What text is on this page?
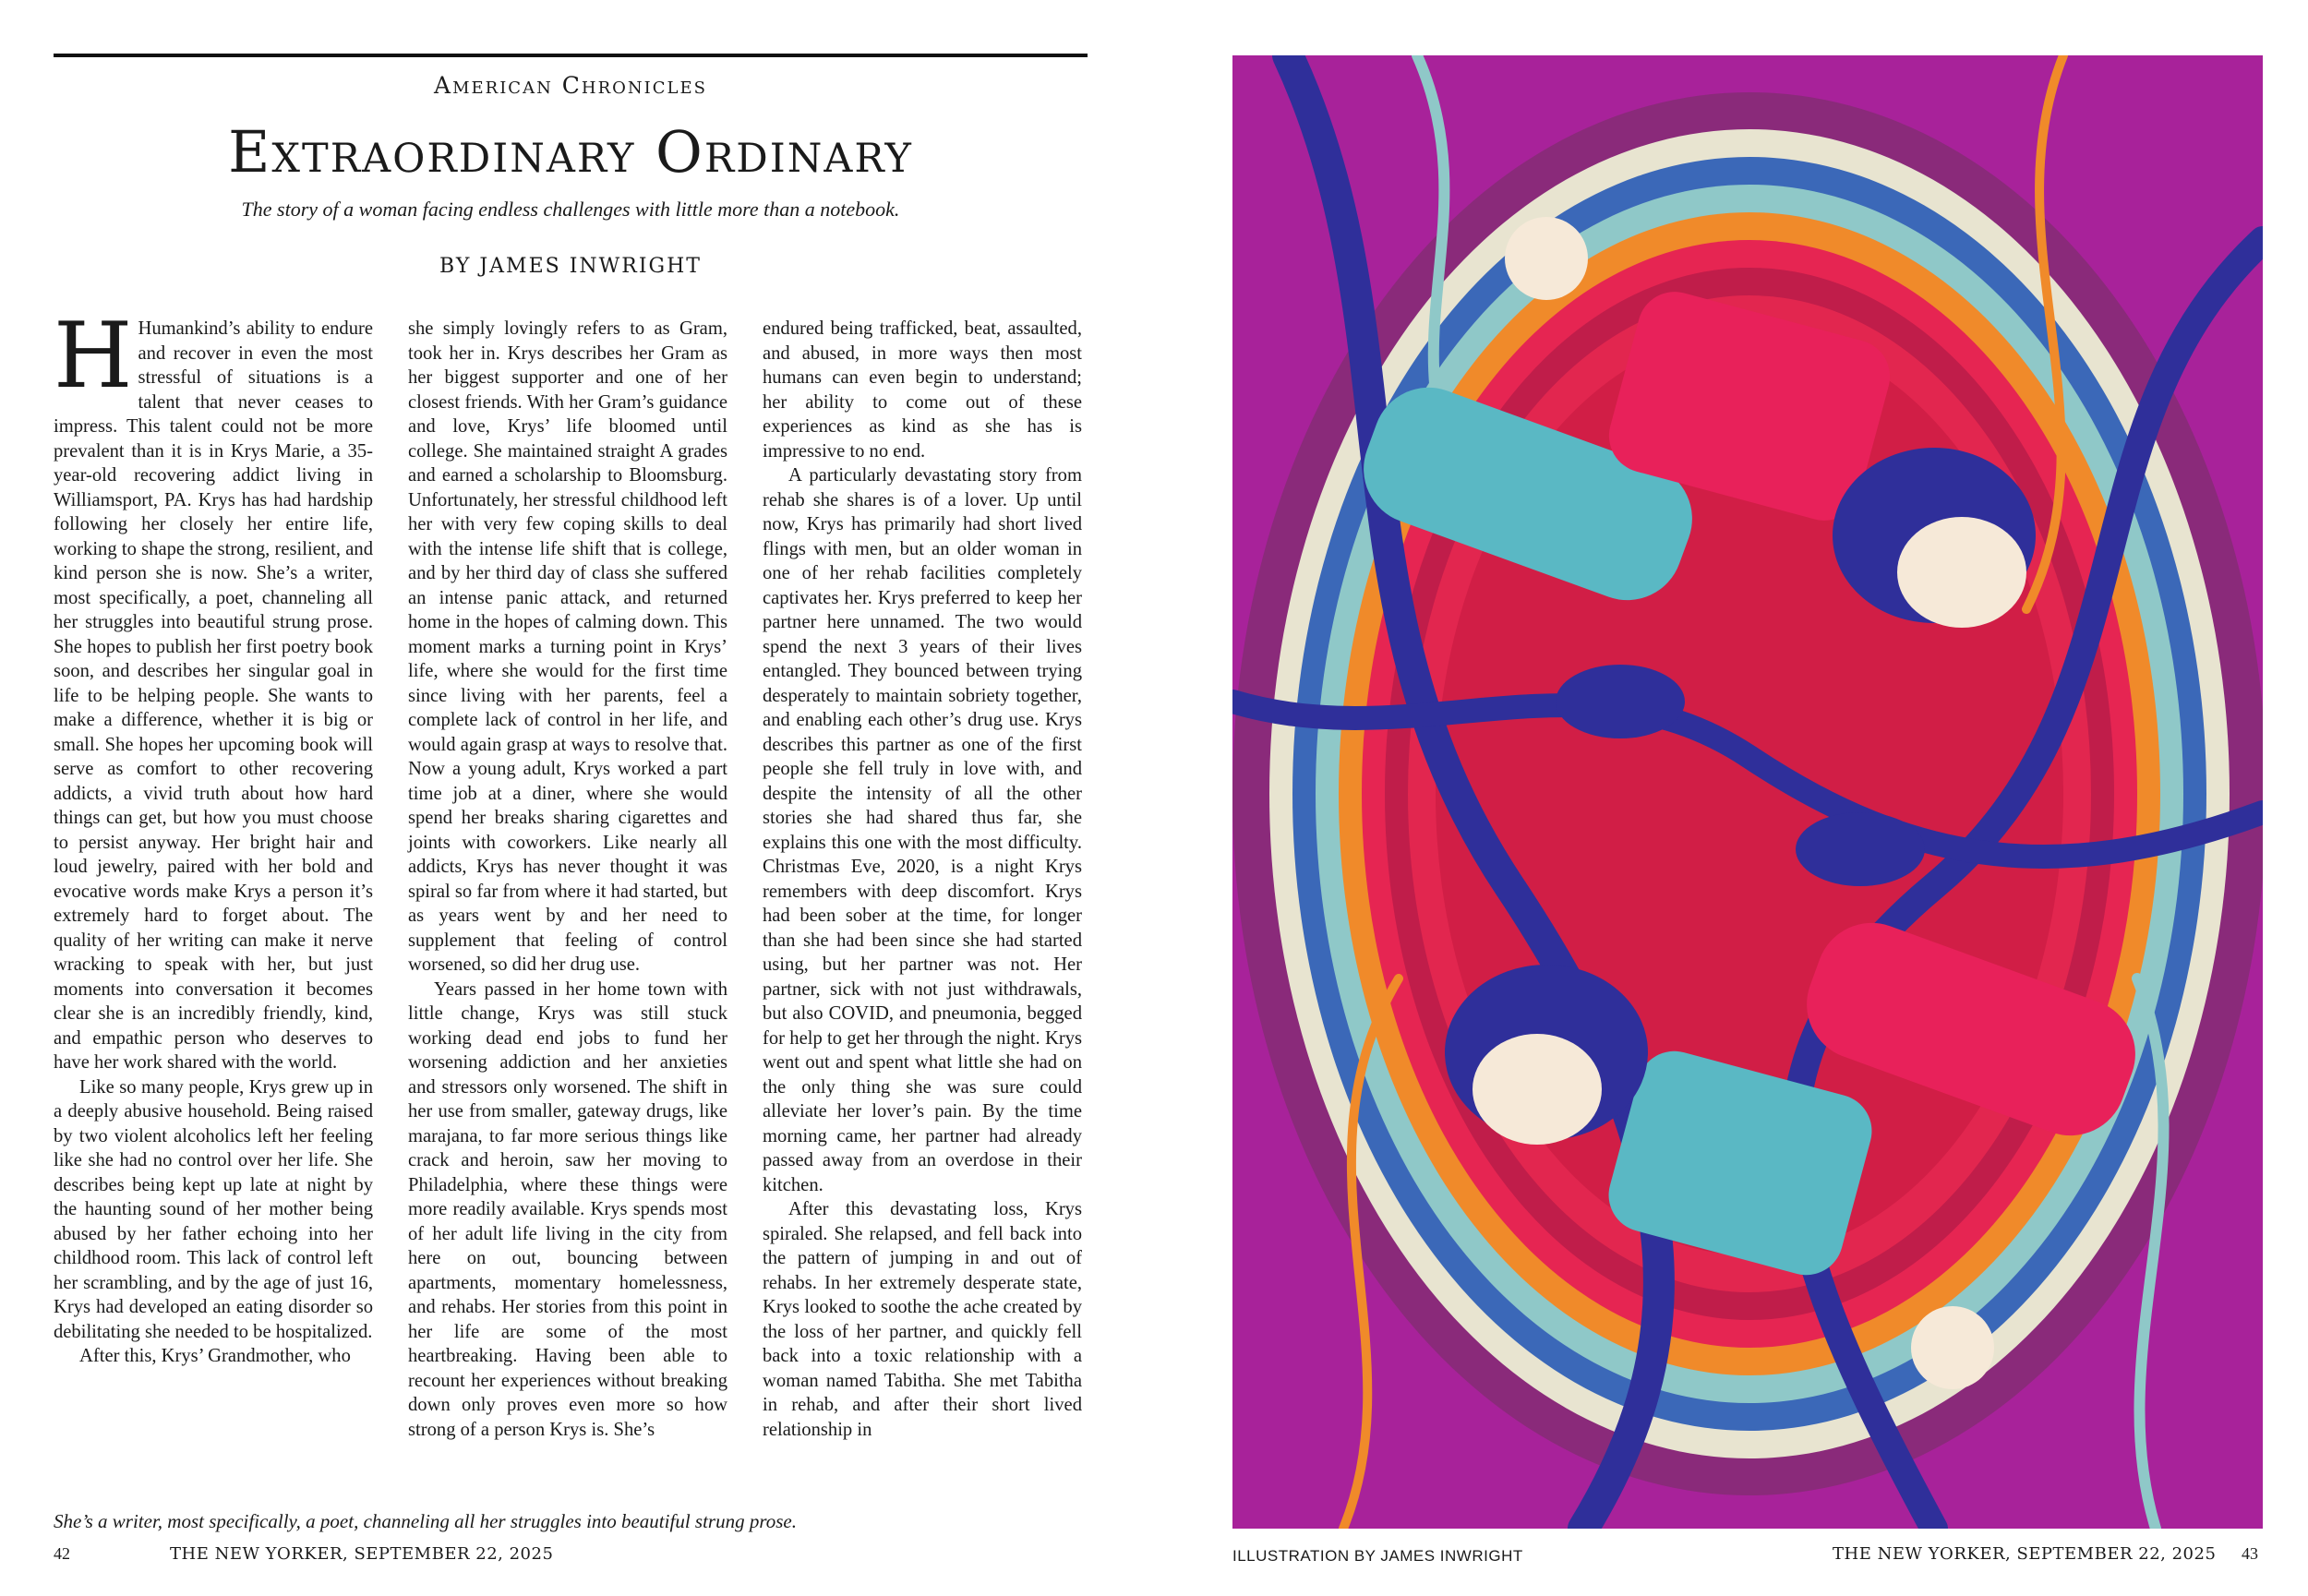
American Chronicles
Extraordinary Ordinary
The story of a woman facing endless challenges with little more than a notebook.
BY JAMES INWRIGHT

H Humankind’s ability to endure and recover in even the most stressful of situations is a talent that never ceases to impress. This talent could not be more prevalent than it is in Krys Marie, a 35-year-old recovering addict living in Williamsport, PA. Krys has had hardship following her closely her entire life, working to shape the strong, resilient, and kind person she is now. She’s a writer, most specifically, a poet, channeling all her struggles into beautiful strung prose. She hopes to publish her first poetry book soon, and describes her singular goal in life to be helping people. She wants to make a difference, whether it is big or small. She hopes her upcoming book will serve as comfort to other recovering addicts, a vivid truth about how hard things can get, but how you must choose to persist anyway. Her bright hair and loud jewelry, paired with her bold and evocative words make Krys a person it’s extremely hard to forget about. The quality of her writing can make it nerve wracking to speak with her, but just moments into conversation it becomes clear she is an incredibly friendly, kind, and empathic person who deserves to have her work shared with the world.

Like so many people, Krys grew up in a deeply abusive household. Being raised by two violent alcoholics left her feeling like she had no control over her life. She describes being kept up late at night by the haunting sound of her mother being abused by her father echoing into her childhood room. This lack of control left her scrambling, and by the age of just 16, Krys had developed an eating disorder so debilitating she needed to be hospitalized.

After this, Krys’ Grandmother, who

she simply lovingly refers to as Gram, took her in. Krys describes her Gram as her biggest supporter and one of her closest friends. With her Gram’s guidance and love, Krys’ life bloomed until college. She maintained straight A grades and earned a scholarship to Bloomsburg. Unfortunately, her stressful childhood left her with very few coping skills to deal with the intense life shift that is college, and by her third day of class she suffered an intense panic attack, and returned home in the hopes of calming down. This moment marks a turning point in Krys’ life, where she would for the first time since living with her parents, feel a complete lack of control in her life, and would again grasp at ways to resolve that. Now a young adult, Krys worked a part time job at a diner, where she would spend her breaks sharing cigarettes and joints with coworkers. Like nearly all addicts, Krys has never thought it was spiral so far from where it had started, but as years went by and her need to supplement that feeling of control worsened, so did her drug use.

Years passed in her home town with little change, Krys was still stuck working dead end jobs to fund her worsening addiction and her anxieties and stressors only worsened. The shift in her use from smaller, gateway drugs, like marajana, to far more serious things like crack and heroin, saw her moving to Philadelphia, where these things were more readily available. Krys spends most of her adult life living in the city from here on out, bouncing between apartments, momentary homelessness, and rehabs. Her stories from this point in her life are some of the most heartbreaking. Having been able to recount her experiences without breaking down only proves even more so how strong of a person Krys is. She’s

endured being trafficked, beat, assaulted, and abused, in more ways then most humans can even begin to understand; her ability to come out of these experiences as kind as she has is impressive to no end.

A particularly devastating story from rehab she shares is of a lover. Up until now, Krys has primarily had short lived flings with men, but an older woman in one of her rehab facilities completely captivates her. Krys preferred to keep her partner here unnamed. The two would spend the next 3 years of their lives entangled. They bounced between trying desperately to maintain sobriety together, and enabling each other’s drug use. Krys describes this partner as one of the first people she fell truly in love with, and despite the intensity of all the other stories she had shared thus far, she explains this one with the most difficulty. Christmas Eve, 2020, is a night Krys remembers with deep discomfort. Krys had been sober at the time, for longer than she had been since she had started using, but her partner was not. Her partner, sick with not just withdrawals, but also COVID, and pneumonia, begged for help to get her through the night. Krys went out and spent what little she had on the only thing she was sure could alleviate her lover’s pain. By the time morning came, her partner had already passed away from an overdose in their kitchen.

After this devastating loss, Krys spiraled. She relapsed, and fell back into the pattern of jumping in and out of rehabs. In her extremely desperate state, Krys looked to soothe the ache created by the loss of her partner, and quickly fell back into a toxic relationship with a woman named Tabitha. She met Tabitha in rehab, and after their short lived relationship in

She’s a writer, most specifically, a poet, channeling all her struggles into beautiful strung prose.
42	THE NEW YORKER, SEPTEMBER 22, 2025	ILLUSTRATION BY JAMES INWRIGHT	THE NEW YORKER, SEPTEMBER 22, 2025 43
